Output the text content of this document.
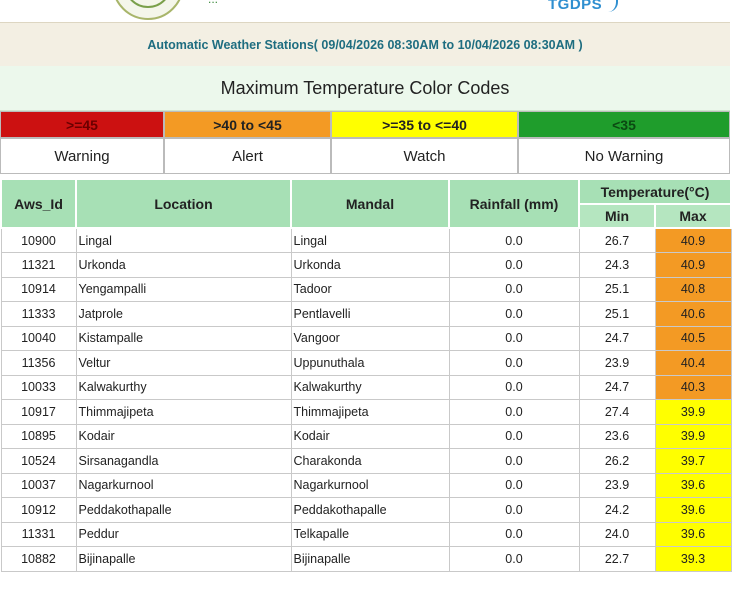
TGDPS
Automatic Weather Stations( 09/04/2026 08:30AM to 10/04/2026 08:30AM )
Maximum Temperature Color Codes
>=45	>40 to <45	>=35 to <=40	<35
Warning	Alert	Watch	No Warning
Aws_Id	Location	Mandal	Rainfall (mm)	Temperature(°C)	
				Min	Max
10900	Lingal	Lingal	0.0	26.7	40.9
11321	Urkonda	Urkonda	0.0	24.3	40.9
10914	Yengampalli	Tadoor	0.0	25.1	40.8
11333	Jatprole	Pentlavelli	0.0	25.1	40.6
10040	Kistampalle	Vangoor	0.0	24.7	40.5
11356	Veltur	Uppunuthala	0.0	23.9	40.4
10033	Kalwakurthy	Kalwakurthy	0.0	24.7	40.3
10917	Thimmajipeta	Thimmajipeta	0.0	27.4	39.9
10895	Kodair	Kodair	0.0	23.6	39.9
10524	Sirsanagandla	Charakonda	0.0	26.2	39.7
10037	Nagarkurnool	Nagarkurnool	0.0	23.9	39.6
10912	Peddakothapalle	Peddakothapalle	0.0	24.2	39.6
11331	Peddur	Telkapalle	0.0	24.0	39.6
10882	Bijinapalle	Bijinapalle	0.0	22.7	39.3
